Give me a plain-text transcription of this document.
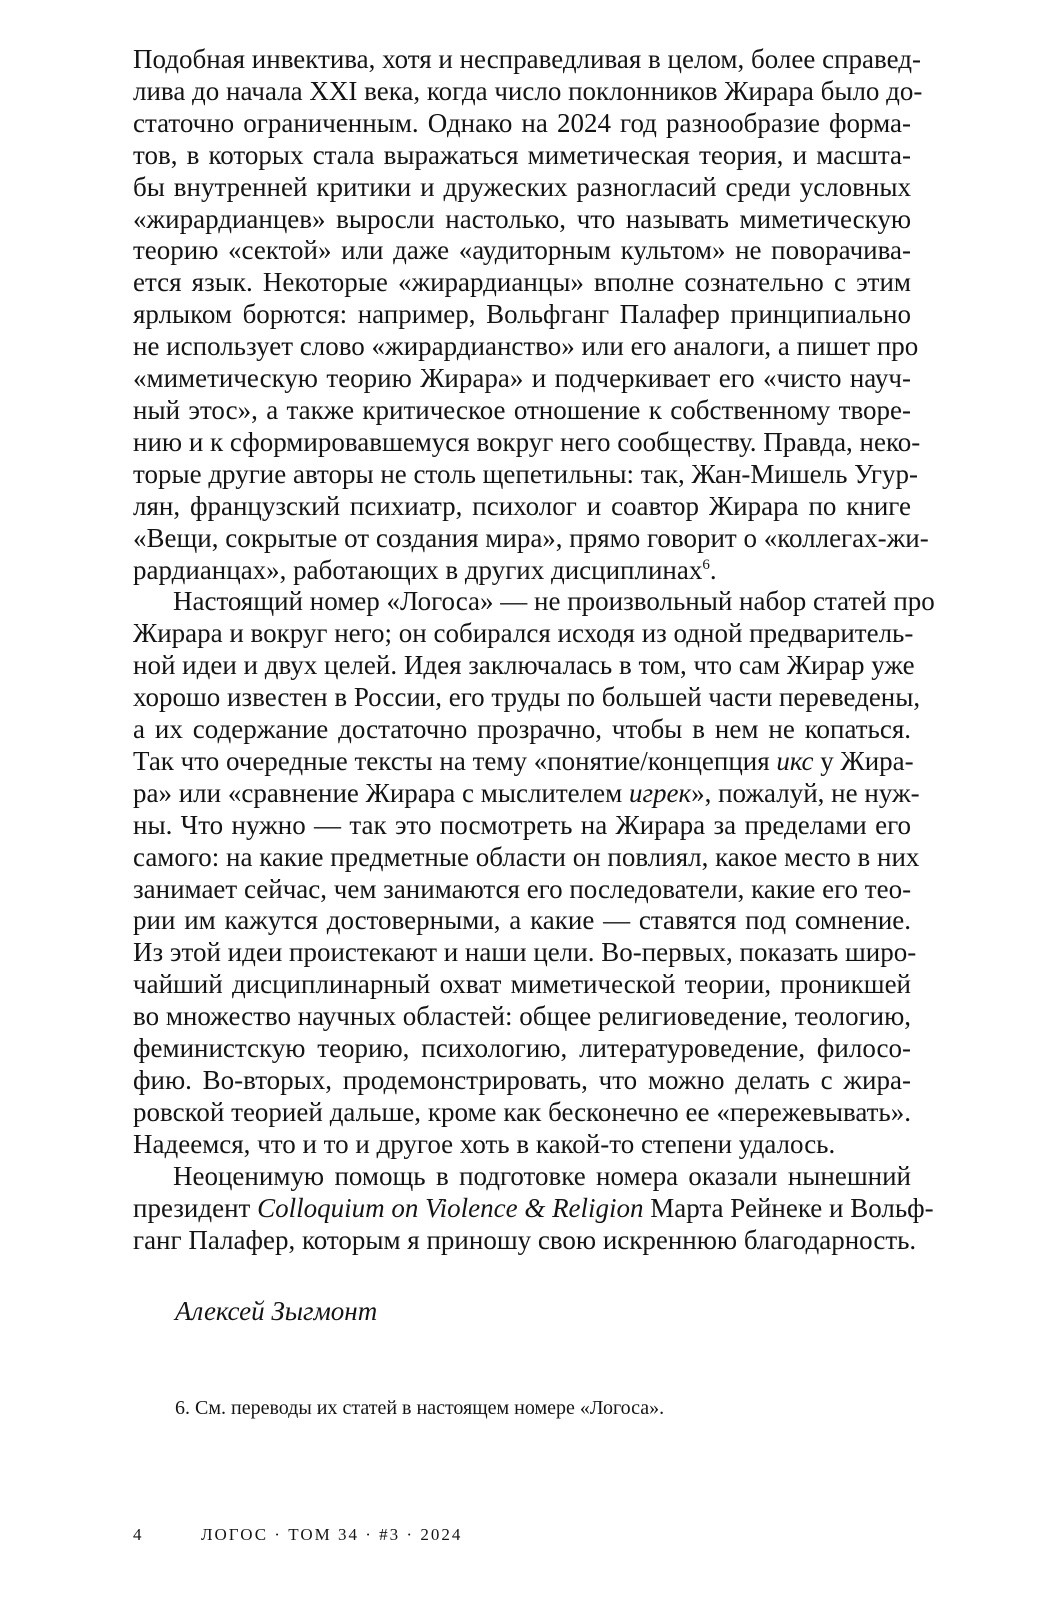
Подобная инвектива, хотя и несправедливая в целом, более справед-
лива до начала XXI века, когда число поклонников Жирара было до-
статочно ограниченным. Однако на 2024 год разнообразие форма-
тов, в которых стала выражаться миметическая теория, и масшта-
бы внутренней критики и дружеских разногласий среди условных
«жирардианцев» выросли настолько, что называть миметическую
теорию «сектой» или даже «аудиторным культом» не поворачива-
ется язык. Некоторые «жирардианцы» вполне сознательно с этим
ярлыком борются: например, Вольфганг Палафер принципиально
не использует слово «жирардианство» или его аналоги, а пишет про
«миметическую теорию Жирара» и подчеркивает его «чисто науч-
ный этос», а также критическое отношение к собственному творе-
нию и к сформировавшемуся вокруг него сообществу. Правда, неко-
торые другие авторы не столь щепетильны: так, Жан-Мишель Угур-
лян, французский психиатр, психолог и соавтор Жирара по книге
«Вещи, сокрытые от создания мира», прямо говорит о «коллегах-жи-
рардианцах», работающих в других дисциплинах$^6$.

Настоящий номер «Логоса» — не произвольный набор статей про
Жирара и вокруг него; он собирался исходя из одной предваритель-
ной идеи и двух целей. Идея заключалась в том, что сам Жирар уже
хорошо известен в России, его труды по большей части переведены,
а их содержание достаточно прозрачно, чтобы в нем не копаться.
Так что очередные тексты на тему «понятие/концепция икс у Жира-
ра» или «сравнение Жирара с мыслителем игрек», пожалуй, не нуж-
ны. Что нужно — так это посмотреть на Жирара за пределами его
самого: на какие предметные области он повлиял, какое место в них
занимает сейчас, чем занимаются его последователи, какие его тео-
рии им кажутся достоверными, а какие — ставятся под сомнение.
Из этой идеи проистекают и наши цели. Во-первых, показать широ-
чайший дисциплинарный охват миметической теории, проникшей
во множество научных областей: общее религиоведение, теологию,
феминистскую теорию, психологию, литературоведение, филосо-
фию. Во-вторых, продемонстрировать, что можно делать с жира-
ровской теорией дальше, кроме как бесконечно ее «пережевывать».
Надеемся, что и то и другое хоть в какой-то степени удалось.

Неоценимую помощь в подготовке номера оказали нынешний
президент Colloquium on Violence & Religion Марта Рейнеке и Вольф-
ганг Палафер, которым я приношу свою искреннюю благодарность.

Алексей Зыгмонт

6. См. переводы их статей в настоящем номере «Логоса».

4	ЛОГОС · ТОМ 34 · #3 · 2024
